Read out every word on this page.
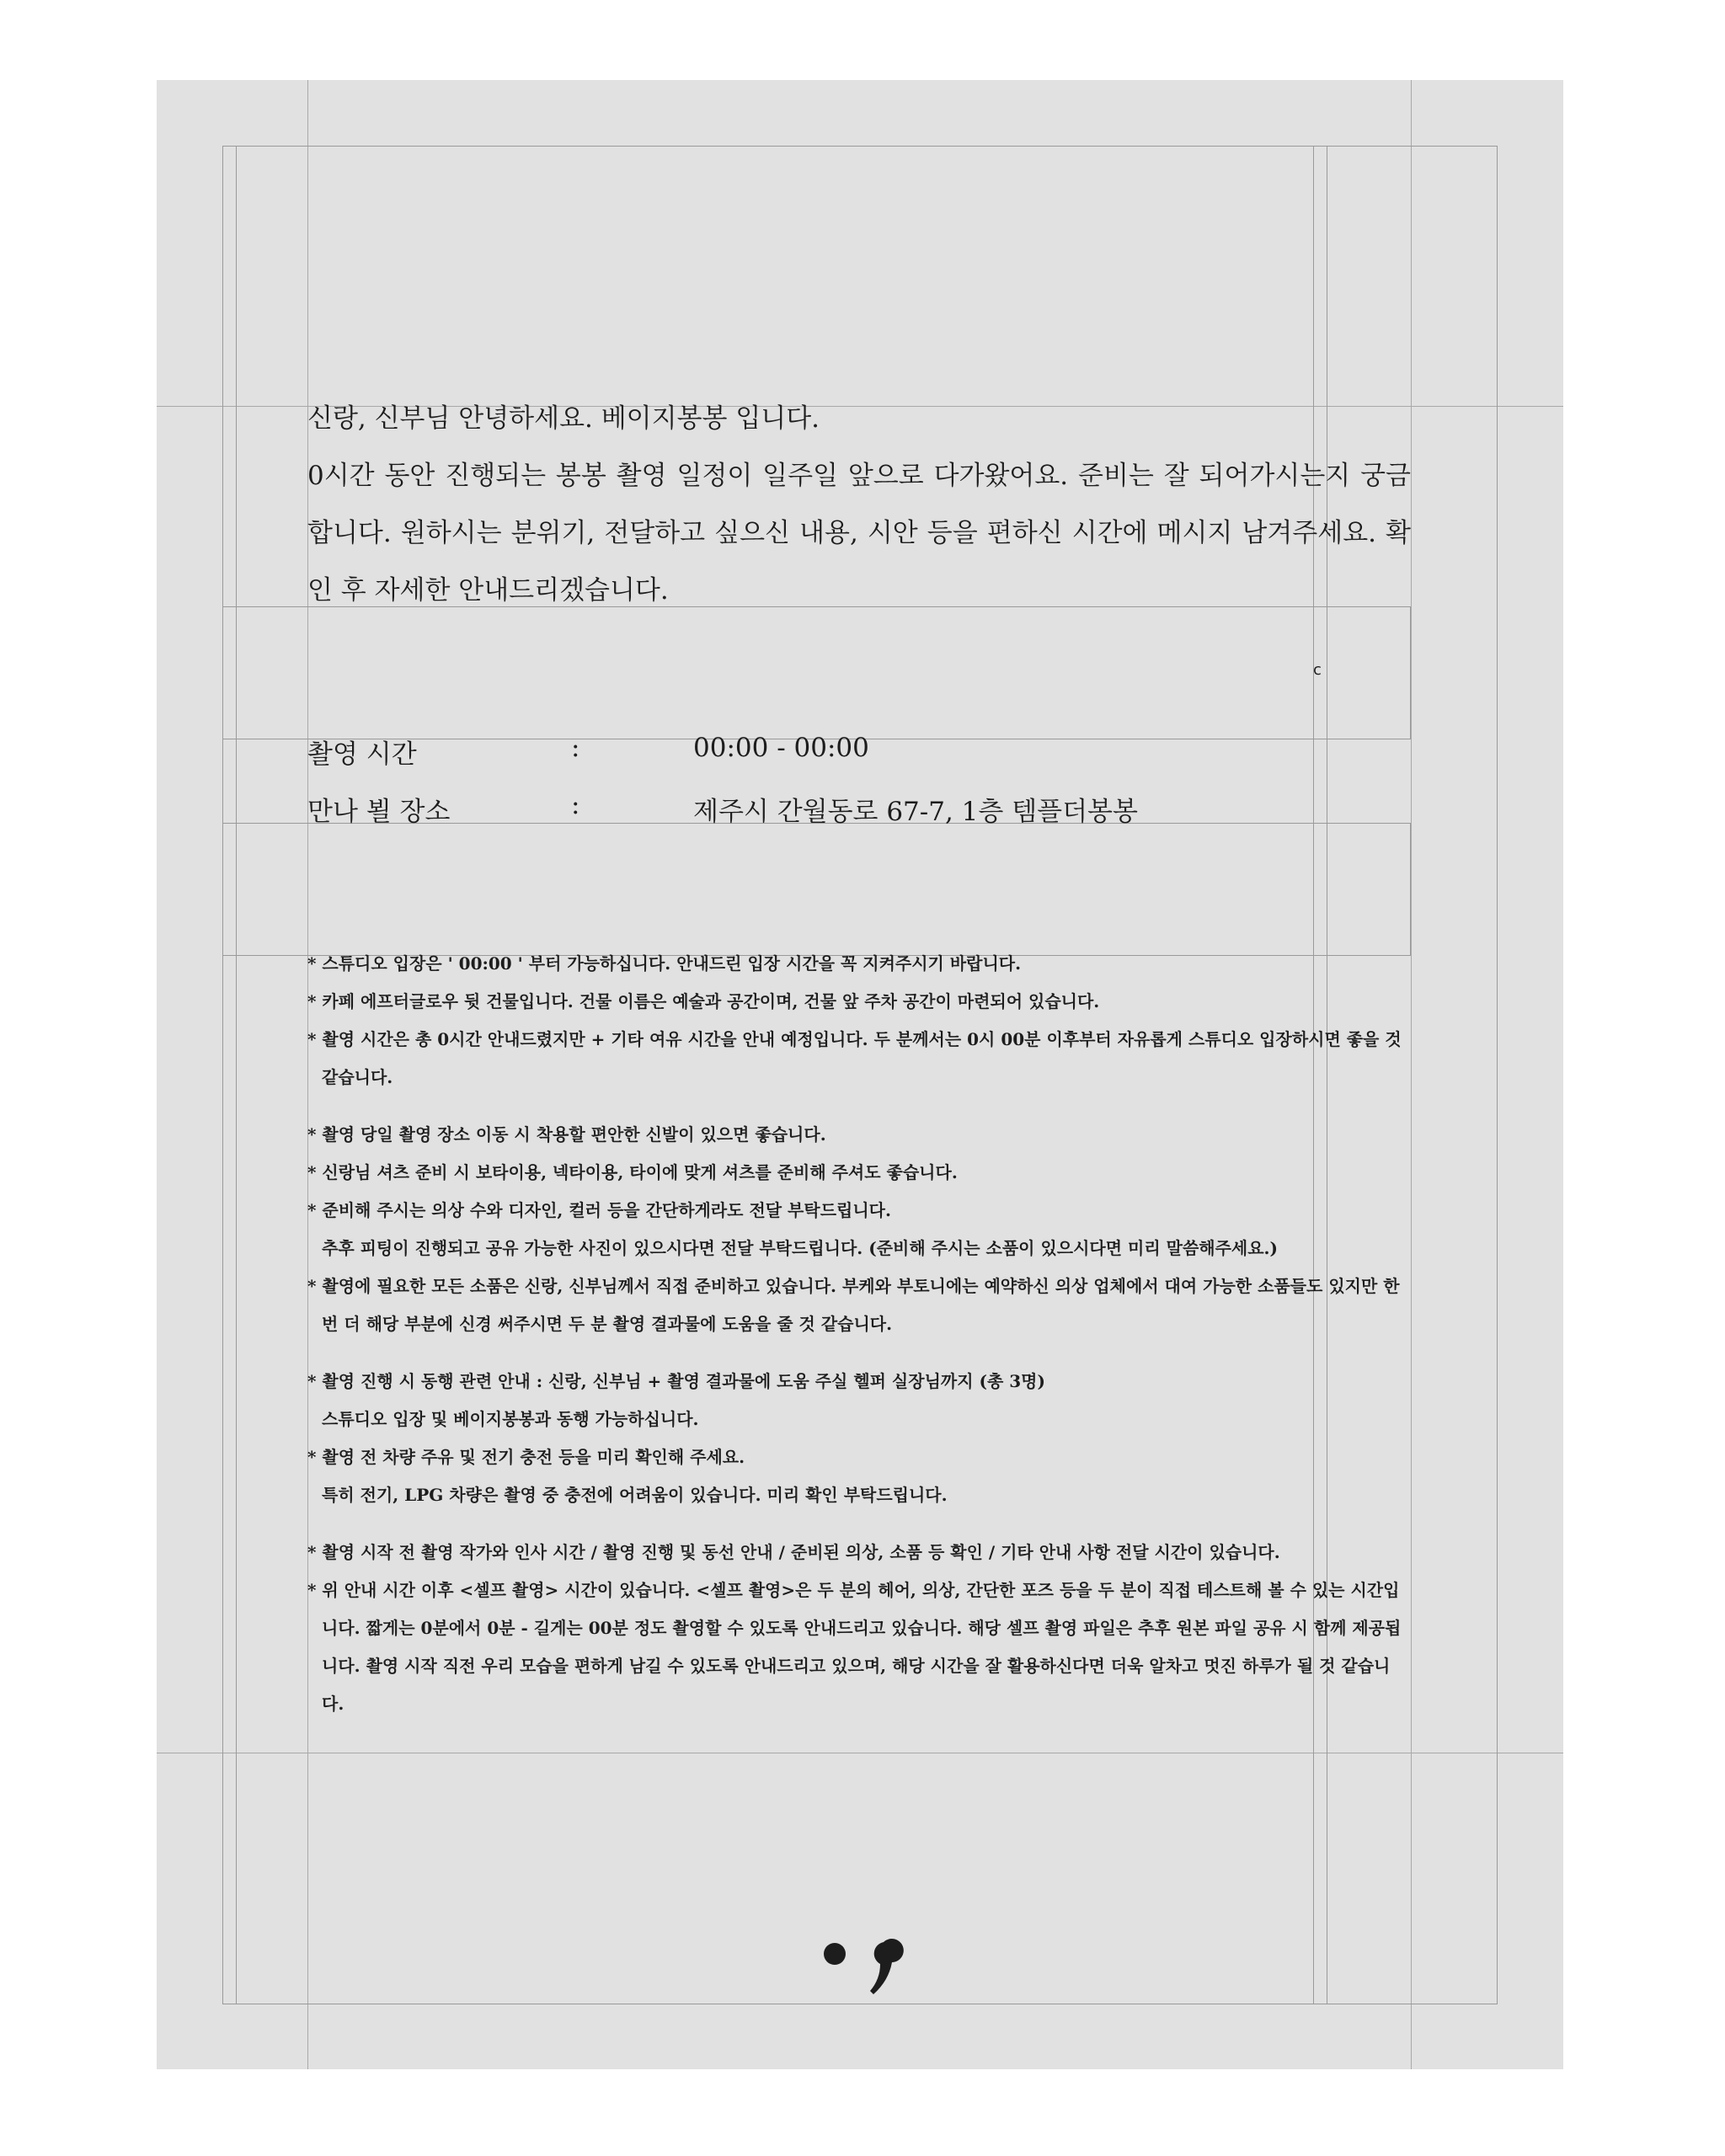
신랑, 신부님 안녕하세요. 베이지봉봉 입니다.

0시간 동안 진행되는 봉봉 촬영 일정이 일주일 앞으로 다가왔어요. 준비는 잘 되어가시는지 궁금합니다. 원하시는 분위기, 전달하고 싶으신 내용, 시안 등을 편하신 시간에 메시지 남겨주세요. 확인 후 자세한 안내드리겠습니다.

c
촬영 시간	:	00:00 - 00:00
만나 뵐 장소	:	제주시 간월동로 67-7, 1층 템플더봉봉

* 스튜디오 입장은 ' 00:00 ' 부터 가능하십니다. 안내드린 입장 시간을 꼭 지켜주시기 바랍니다.

* 카페 에프터글로우 뒷 건물입니다. 건물 이름은 예술과 공간이며, 건물 앞 주차 공간이 마련되어 있습니다.

* 촬영 시간은 총 0시간 안내드렸지만 + 기타 여유 시간을 안내 예정입니다. 두 분께서는 0시 00분 이후부터 자유롭게 스튜디오 입장하시면 좋을 것 같습니다.

* 촬영 당일 촬영 장소 이동 시 착용할 편안한 신발이 있으면 좋습니다.

* 신랑님 셔츠 준비 시 보타이용, 넥타이용, 타이에 맞게 셔츠를 준비해 주셔도 좋습니다.

* 준비해 주시는 의상 수와 디자인, 컬러 등을 간단하게라도 전달 부탁드립니다.

추후 피팅이 진행되고 공유 가능한 사진이 있으시다면 전달 부탁드립니다. (준비해 주시는 소품이 있으시다면 미리 말씀해주세요.)

* 촬영에 필요한 모든 소품은 신랑, 신부님께서 직접 준비하고 있습니다. 부케와 부토니에는 예약하신 의상 업체에서 대여 가능한 소품들도 있지만 한 번 더 해당 부분에 신경 써주시면 두 분 촬영 결과물에 도움을 줄 것 같습니다.

* 촬영 진행 시 동행 관련 안내 : 신랑, 신부님 + 촬영 결과물에 도움 주실 헬퍼 실장님까지 (총 3명)

스튜디오 입장 및 베이지봉봉과 동행 가능하십니다.

* 촬영 전 차량 주유 및 전기 충전 등을 미리 확인해 주세요.

특히 전기, LPG 차량은 촬영 중 충전에 어려움이 있습니다. 미리 확인 부탁드립니다.

* 촬영 시작 전 촬영 작가와 인사 시간 / 촬영 진행 및 동선 안내 / 준비된 의상, 소품 등 확인 / 기타 안내 사항 전달 시간이 있습니다.

* 위 안내 시간 이후 <셀프 촬영> 시간이 있습니다. <셀프 촬영>은 두 분의 헤어, 의상, 간단한 포즈 등을 두 분이 직접 테스트해 볼 수 있는 시간입니다. 짧게는 0분에서 0분 - 길게는 00분 정도 촬영할 수 있도록 안내드리고 있습니다. 해당 셀프 촬영 파일은 추후 원본 파일 공유 시 함께 제공됩니다. 촬영 시작 직전 우리 모습을 편하게 남길 수 있도록 안내드리고 있으며, 해당 시간을 잘 활용하신다면 더욱 알차고 멋진 하루가 될 것 같습니다.
